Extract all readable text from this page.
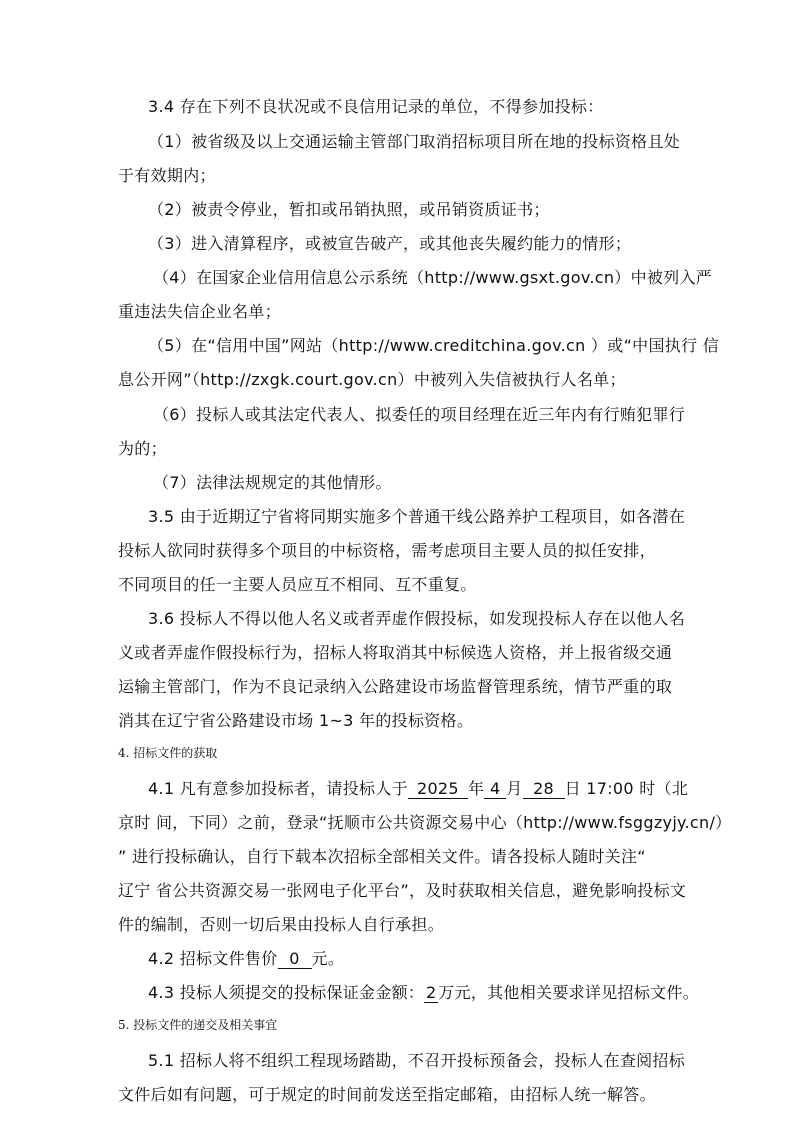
3.4 存在下列不良状况或不良信用记录的单位，不得参加投标：
（1）被省级及以上交通运输主管部门取消招标项目所在地的投标资格且处
于有效期内；
（2）被责令停业，暂扣或吊销执照，或吊销资质证书；
（3）进入清算程序，或被宣告破产，或其他丧失履约能力的情形；
（4）在国家企业信用信息公示系统（http://www.gsxt.gov.cn）中被列入严
重违法失信企业名单；
（5）在“信用中国”网站（http://www.creditchina.gov.cn ）或“中国执行 信
息公开网”（http://zxgk.court.gov.cn）中被列入失信被执行人名单；
（6）投标人或其法定代表人、拟委任的项目经理在近三年内有行贿犯罪行
为的；
（7）法律法规规定的其他情形。
3.5 由于近期辽宁省将同期实施多个普通干线公路养护工程项目，如各潜在
投标人欲同时获得多个项目的中标资格，需考虑项目主要人员的拟任安排，
不同项目的任一主要人员应互不相同、互不重复。
3.6 投标人不得以他人名义或者弄虚作假投标，如发现投标人存在以他人名
义或者弄虚作假投标行为，招标人将取消其中标候选人资格，并上报省级交通
运输主管部门，作为不良记录纳入公路建设市场监督管理系统，情节严重的取
消其在辽宁省公路建设市场 1~3 年的投标资格。
4. 招标文件的获取
4.1 凡有意参加投标者，请投标人于 2025 年 4 月 28 日 17:00 时（北
京时 间，下同）之前，登录“抚顺市公共资源交易中心（http://www.fsggzyjy.cn/）
” 进行投标确认，自行下载本次招标全部相关文件。请各投标人随时关注“
辽宁 省公共资源交易一张网电子化平台”，及时获取相关信息，避免影响投标文
件的编制，否则一切后果由投标人自行承担。
4.2 招标文件售价 0 元。
4.3 投标人须提交的投标保证金金额： 2 万元，其他相关要求详见招标文件。
5. 投标文件的递交及相关事宜
5.1 招标人将不组织工程现场踏勘，不召开投标预备会，投标人在查阅招标
文件后如有问题，可于规定的时间前发送至指定邮箱，由招标人统一解答。
